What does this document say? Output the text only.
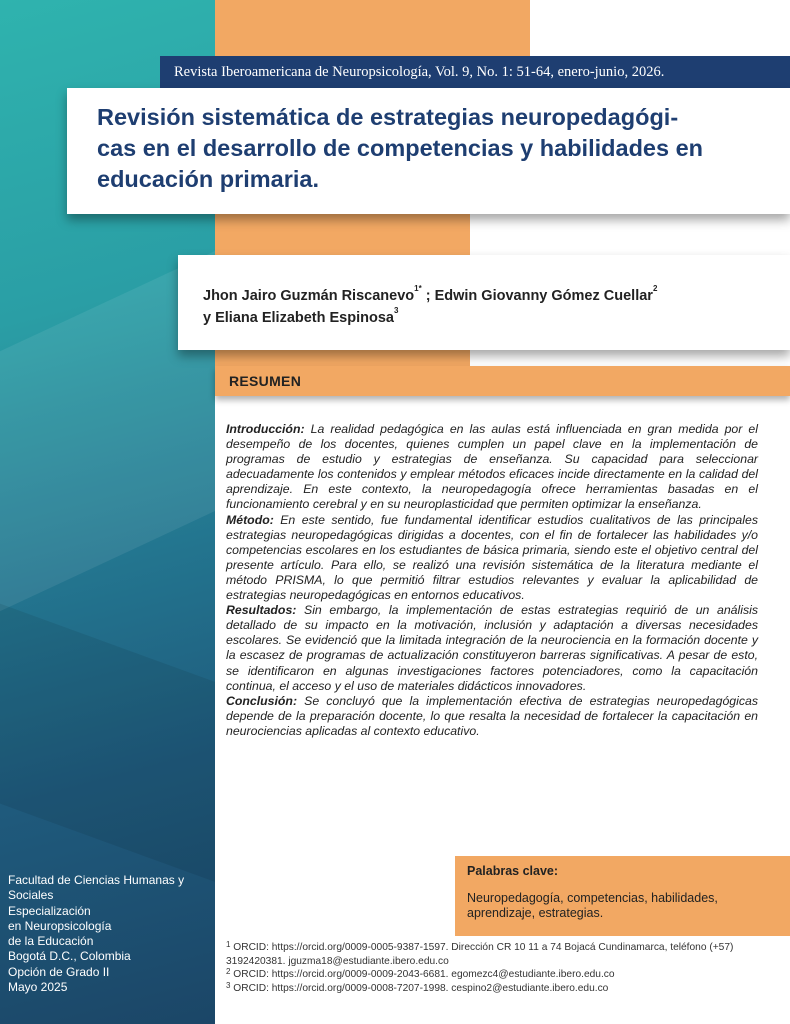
Revista Iberoamericana de Neuropsicología, Vol. 9, No. 1: 51-64, enero-junio, 2026.
Revisión sistemática de estrategias neuropedagógi-
cas en el desarrollo de competencias y habilidades en
educación primaria.

Jhon Jairo Guzmán Riscanevo$^{1*}$ ; Edwin Giovanny Gómez Cuellar$^2$
y Eliana Elizabeth Espinosa$^3$

RESUMEN

Introducción: La realidad pedagógica en las aulas está influenciada en gran medida por el desempeño de los docentes, quienes cumplen un papel clave en la implementación de programas de estudio y estrategias de enseñanza. Su capacidad para seleccionar adecuadamente los contenidos y emplear métodos eficaces incide directamente en la calidad del aprendizaje. En este contexto, la neuropedagogía ofrece herramientas basadas en el funcionamiento cerebral y en su neuroplasticidad que permiten optimizar la enseñanza.

Método: En este sentido, fue fundamental identificar estudios cualitativos de las principales estrategias neuropedagógicas dirigidas a docentes, con el fin de fortalecer las habilidades y/o competencias escolares en los estudiantes de básica primaria, siendo este el objetivo central del presente artículo. Para ello, se realizó una revisión sistemática de la literatura mediante el método PRISMA, lo que permitió filtrar estudios relevantes y evaluar la aplicabilidad de estrategias neuropedagógicas en entornos educativos.

Resultados: Sin embargo, la implementación de estas estrategias requirió de un análisis detallado de su impacto en la motivación, inclusión y adaptación a diversas necesidades escolares. Se evidenció que la limitada integración de la neurociencia en la formación docente y la escasez de programas de actualización constituyeron barreras significativas. A pesar de esto, se identificaron en algunas investigaciones factores potenciadores, como la capacitación continua, el acceso y el uso de materiales didácticos innovadores.

Conclusión: Se concluyó que la implementación efectiva de estrategias neuropedagógicas depende de la preparación docente, lo que resalta la necesidad de fortalecer la capacitación en neurociencias aplicadas al contexto educativo.

Palabras clave:
Neuropedagogía, competencias, habilidades, aprendizaje, estrategias.

$^1$ ORCID: https://orcid.org/0009-0005-9387-1597. Dirección CR 10 11 a 74 Bojacá Cundinamarca, teléfono (+57) 3192420381. jguzma18@estudiante.ibero.edu.co

$^2$ ORCID: https://orcid.org/0009-0009-2043-6681. egomezc4@estudiante.ibero.edu.co

$^3$ ORCID: https://orcid.org/0009-0008-7207-1998. cespino2@estudiante.ibero.edu.co

Facultad de Ciencias Humanas y
Sociales
Especialización
en Neuropsicología
de la Educación
Bogotá D.C., Colombia
Opción de Grado II
Mayo 2025
